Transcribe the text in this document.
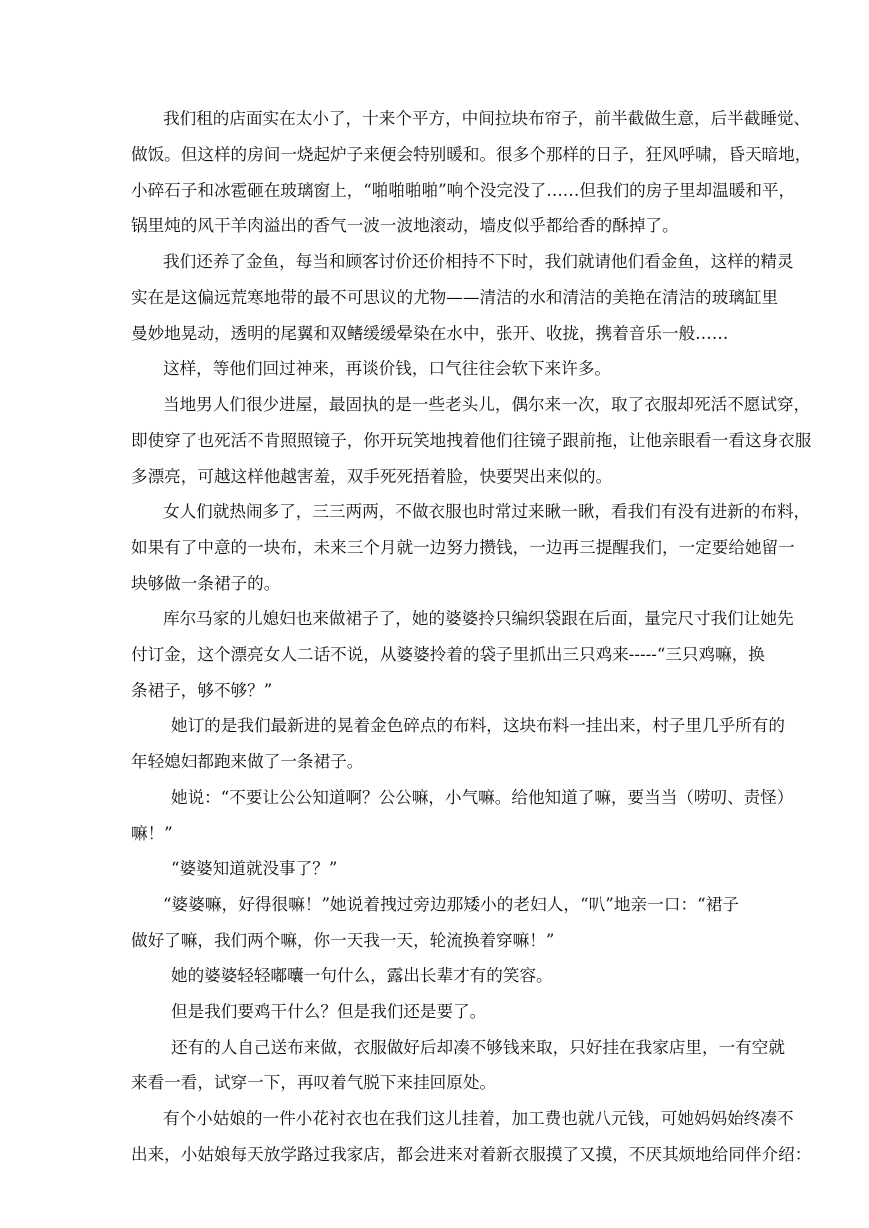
我们租的店面实在太小了，十来个平方，中间拉块布帘子，前半截做生意，后半截睡觉、

做饭。但这样的房间一烧起炉子来便会特别暖和。很多个那样的日子，狂风呼啸，昏天暗地，

小碎石子和冰雹砸在玻璃窗上，“啪啪啪啪”响个没完没了……但我们的房子里却温暖和平，

锅里炖的风干羊肉溢出的香气一波一波地滚动，墙皮似乎都给香的酥掉了。

我们还养了金鱼，每当和顾客讨价还价相持不下时，我们就请他们看金鱼，这样的精灵

实在是这偏远荒寒地带的最不可思议的尤物——清洁的水和清洁的美艳在清洁的玻璃缸里

曼妙地晃动，透明的尾翼和双鳍缓缓晕染在水中，张开、收拢，携着音乐一般……

这样，等他们回过神来，再谈价钱，口气往往会软下来许多。

当地男人们很少进屋，最固执的是一些老头儿，偶尔来一次，取了衣服却死活不愿试穿，

即使穿了也死活不肯照照镜子，你开玩笑地拽着他们往镜子跟前拖，让他亲眼看一看这身衣服

多漂亮，可越这样他越害羞，双手死死捂着脸，快要哭出来似的。

女人们就热闹多了，三三两两，不做衣服也时常过来瞅一瞅，看我们有没有进新的布料，

如果有了中意的一块布，未来三个月就一边努力攒钱，一边再三提醒我们，一定要给她留一

块够做一条裙子的。

库尔马家的儿媳妇也来做裙子了，她的婆婆拎只编织袋跟在后面，量完尺寸我们让她先

付订金，这个漂亮女人二话不说，从婆婆拎着的袋子里抓出三只鸡来-----“三只鸡嘛，换

条裙子，够不够？”

她订的是我们最新进的晃着金色碎点的布料，这块布料一挂出来，村子里几乎所有的

年轻媳妇都跑来做了一条裙子。

她说：“不要让公公知道啊？公公嘛，小气嘛。给他知道了嘛，要当当（唠叨、责怪）

嘛！”

“婆婆知道就没事了？”

“婆婆嘛，好得很嘛！”她说着拽过旁边那矮小的老妇人，“叭”地亲一口：“裙子

做好了嘛，我们两个嘛，你一天我一天，轮流换着穿嘛！”

她的婆婆轻轻嘟囔一句什么，露出长辈才有的笑容。

但是我们要鸡干什么？但是我们还是要了。

还有的人自己送布来做，衣服做好后却凑不够钱来取，只好挂在我家店里，一有空就

来看一看，试穿一下，再叹着气脱下来挂回原处。

有个小姑娘的一件小花衬衣也在我们这儿挂着，加工费也就八元钱，可她妈妈始终凑不

出来，小姑娘每天放学路过我家店，都会进来对着新衣服摸了又摸，不厌其烦地给同伴介绍：
